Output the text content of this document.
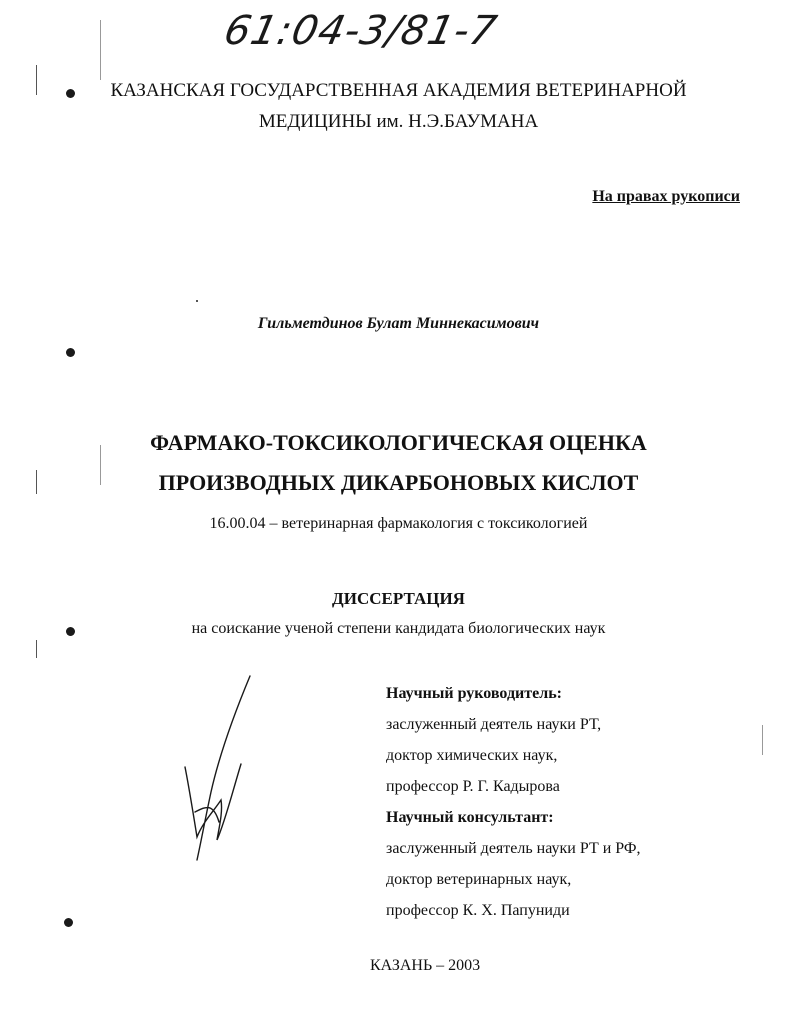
61:04-3/81-7
КАЗАНСКАЯ ГОСУДАРСТВЕННАЯ АКАДЕМИЯ ВЕТЕРИНАРНОЙ
МЕДИЦИНЫ им. Н.Э.БАУМАНА
На правах рукописи
Гильметдинов Булат Миннекасимович
ФАРМАКО-ТОКСИКОЛОГИЧЕСКАЯ ОЦЕНКА
ПРОИЗВОДНЫХ ДИКАРБОНОВЫХ КИСЛОТ
16.00.04 – ветеринарная фармакология с токсикологией
ДИССЕРТАЦИЯ
на соискание ученой степени кандидата биологических наук
Научный руководитель:
заслуженный деятель науки РТ,
доктор химических наук,
профессор Р. Г. Кадырова
Научный консультант:
заслуженный деятель науки РТ и РФ,
доктор ветеринарных наук,
профессор К. Х. Папуниди
КАЗАНЬ – 2003
